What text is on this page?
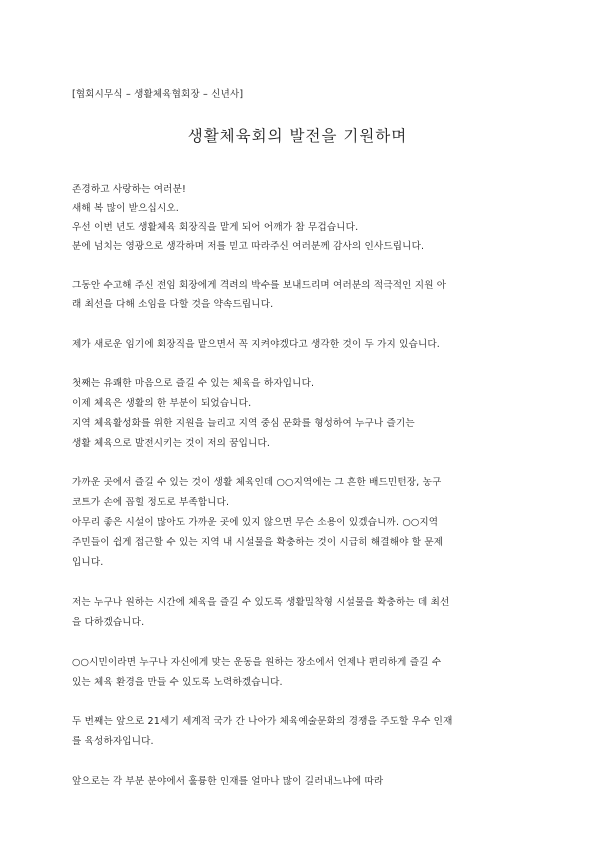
[협회시무식 – 생활체육협회장 – 신년사]
생활체육회의 발전을 기원하며
존경하고 사랑하는 여러분!
새해 복 많이 받으십시오.
우선 이번 년도 생활체육 회장직을 맡게 되어 어깨가 참 무겁습니다.
분에 넘치는 영광으로 생각하며 저를 믿고 따라주신 여러분께 감사의 인사드립니다.
그동안 수고해 주신 전임 회장에게 격려의 박수를 보내드리며 여러분의 적극적인 지원 아
래 최선을 다해 소임을 다할 것을 약속드립니다.
제가 새로운 임기에 회장직을 맡으면서 꼭 지켜야겠다고 생각한 것이 두 가지 있습니다.
첫째는 유쾌한 마음으로 즐길 수 있는 체육을 하자입니다.
이제 체육은 생활의 한 부분이 되었습니다.
지역 체육활성화를 위한 지원을 늘리고 지역 중심 문화를 형성하여 누구나 즐기는
생활 체육으로 발전시키는 것이 저의 꿈입니다.
가까운 곳에서 즐길 수 있는 것이 생활 체육인데 ○○지역에는 그 흔한 배드민턴장, 농구
코트가 손에 꼽힐 정도로 부족합니다.
아무리 좋은 시설이 많아도 가까운 곳에 있지 않으면 무슨 소용이 있겠습니까. ○○지역
주민들이 쉽게 접근할 수 있는 지역 내 시설물을 확충하는 것이 시급히 해결해야 할 문제
입니다.
저는 누구나 원하는 시간에 체육을 즐길 수 있도록 생활밀착형 시설물을 확충하는 데 최선
을 다하겠습니다.
○○시민이라면 누구나 자신에게 맞는 운동을 원하는 장소에서 언제나 편리하게 즐길 수
있는 체육 환경을 만들 수 있도록 노력하겠습니다.
두 번째는 앞으로 21세기 세계적 국가 간 나아가 체육예술문화의 경쟁을 주도할 우수 인재
를 육성하자입니다.
앞으로는 각 부분 분야에서 훌륭한 인재를 얼마나 많이 길러내느냐에 따라
